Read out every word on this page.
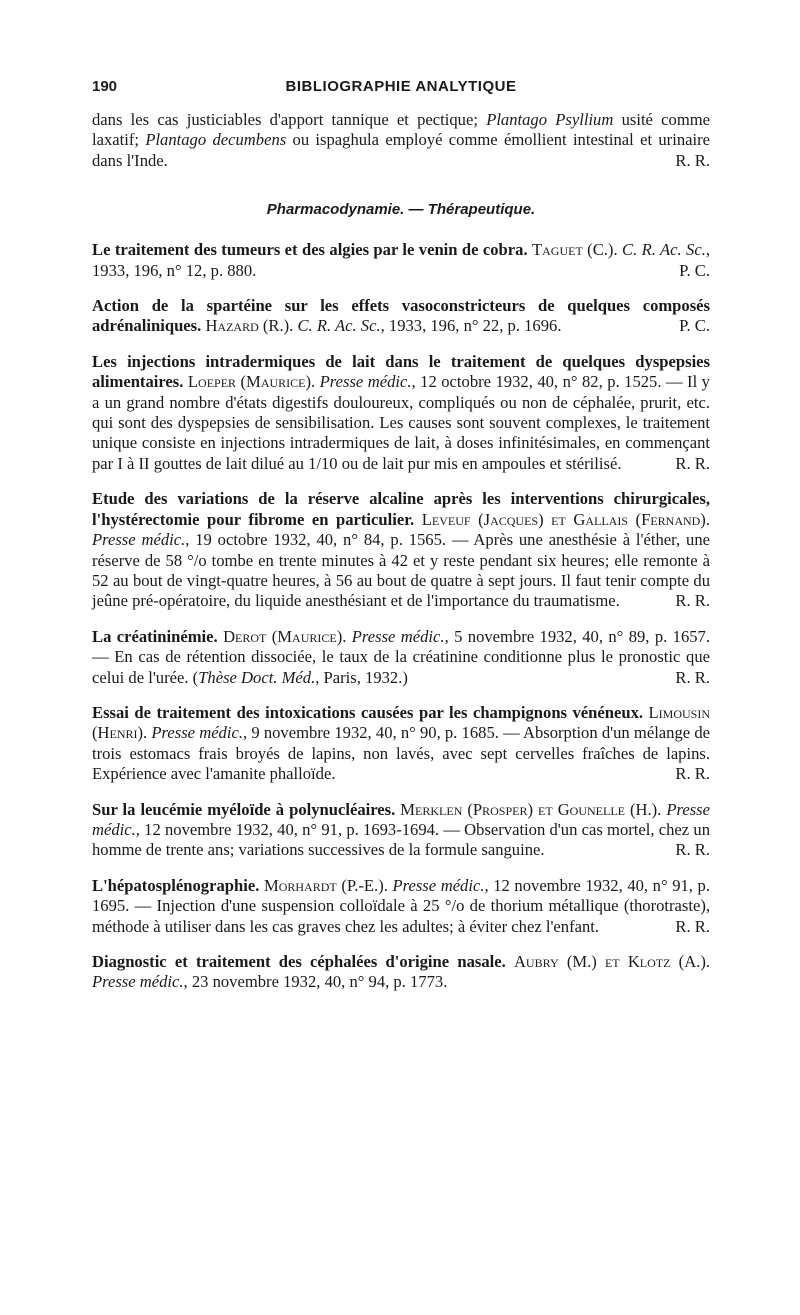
190	BIBLIOGRAPHIE ANALYTIQUE

dans les cas justiciables d'apport tannique et pectique; Plantago Psyllium usité comme laxatif; Plantago decumbens ou ispaghula employé comme émollient intestinal et urinaire dans l'Inde.	R. R.

Pharmacodynamie. — Thérapeutique.

Le traitement des tumeurs et des algies par le venin de cobra. Taguet (C.). C. R. Ac. Sc., 1933, 196, n° 12, p. 880.	P. C.

Action de la spartéine sur les effets vasoconstricteurs de quelques composés adrénaliniques. Hazard (R.). C. R. Ac. Sc., 1933, 196, n° 22, p. 1696.	P. C.

Les injections intradermiques de lait dans le traitement de quelques dyspepsies alimentaires. Loeper (Maurice). Presse médic., 12 octobre 1932, 40, n° 82, p. 1525. — Il y a un grand nombre d'états digestifs douloureux, compliqués ou non de céphalée, prurit, etc. qui sont des dyspepsies de sensibilisation. Les causes sont souvent complexes, le traitement unique consiste en injections intradermiques de lait, à doses infinitésimales, en commençant par I à II gouttes de lait dilué au 1/10 ou de lait pur mis en ampoules et stérilisé.	R. R.

Etude des variations de la réserve alcaline après les interventions chirurgicales, l'hystérectomie pour fibrome en particulier. Leveuf (Jacques) et Gallais (Fernand). Presse médic., 19 octobre 1932, 40, n° 84, p. 1565. — Après une anesthésie à l'éther, une réserve de 58 °/o tombe en trente minutes à 42 et y reste pendant six heures; elle remonte à 52 au bout de vingt-quatre heures, à 56 au bout de quatre à sept jours. Il faut tenir compte du jeûne pré-opératoire, du liquide anesthésiant et de l'importance du traumatisme.	R. R.

La créatininémie. Derot (Maurice). Presse médic., 5 novembre 1932, 40, n° 89, p. 1657. — En cas de rétention dissociée, le taux de la créatinine conditionne plus le pronostic que celui de l'urée. (Thèse Doct. Méd., Paris, 1932.)	R. R.

Essai de traitement des intoxications causées par les champignons vénéneux. Limousin (Henri). Presse médic., 9 novembre 1932, 40, n° 90, p. 1685. — Absorption d'un mélange de trois estomacs frais broyés de lapins, non lavés, avec sept cervelles fraîches de lapins. Expérience avec l'amanite phalloïde.	R. R.

Sur la leucémie myéloïde à polynucléaires. Merklen (Prosper) et Gounelle (H.). Presse médic., 12 novembre 1932, 40, n° 91, p. 1693-1694. — Observation d'un cas mortel, chez un homme de trente ans; variations successives de la formule sanguine.	R. R.

L'hépatosplénographie. Morhardt (P.-E.). Presse médic., 12 novembre 1932, 40, n° 91, p. 1695. — Injection d'une suspension colloïdale à 25 °/o de thorium métallique (thorotraste), méthode à utiliser dans les cas graves chez les adultes; à éviter chez l'enfant.	R. R.

Diagnostic et traitement des céphalées d'origine nasale. Aubry (M.) et Klotz (A.). Presse médic., 23 novembre 1932, 40, n° 94, p. 1773.
